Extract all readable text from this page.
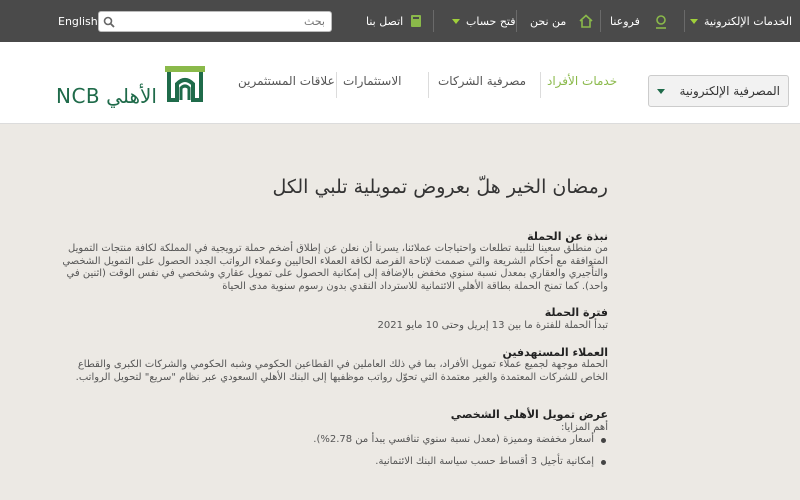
English
بحث	اتصل بنا	فتح حساب من نحن	فروعنا	الخدمات الإلكترونية
NCB الأهلي
علاقات المستثمرين الاستثمارات	مصرفية الشركات خدمات الأفراد
المصرفية الإلكترونية
رمضان الخير هلّ بعروض تمويلية تلبي الكل
نبذة عن الحملة

من منطلق سعينا لتلبية تطلعات واحتياجات عملائنا، يسرنا أن نعلن عن إطلاق أضخم حملة ترويجية في المملكة لكافة منتجات التمويل المتوافقة مع أحكام الشريعة والتي صممت لإتاحة الفرصة لكافة العملاء الحاليين وعملاء الرواتب الجدد الحصول على التمويل الشخصي والتأجيري والعقاري بمعدل نسبة سنوي مخفض بالإضافة إلى إمكانية الحصول على تمويل عقاري وشخصي في نفس الوقت (اثنين في واحد). كما تمنح الحملة بطاقة الأهلي الائتمانية للاسترداد النقدي بدون رسوم سنوية مدى الحياة

فترة الحملة

تبدأ الحملة للفترة ما بين 13 إبريل وحتى 10 مايو 2021

العملاء المستهدفين

الحملة موجهة لجميع عملاء تمويل الأفراد، بما في ذلك العاملين في القطاعين الحكومي وشبه الحكومي والشركات الكبرى والقطاع الخاص للشركات المعتمدة والغير معتمدة التي تحوّل رواتب موظفيها إلى البنك الأهلي السعودي عبر نظام "سريع" لتحويل الرواتب.

عرض تمويل الأهلي الشخصي
أهم المزايا:
أسعار مخفضة ومميزة (معدل نسبة سنوي تنافسي يبدأ من 2.78%).
إمكانية تأجيل 3 أقساط حسب سياسة البنك الائتمانية.
